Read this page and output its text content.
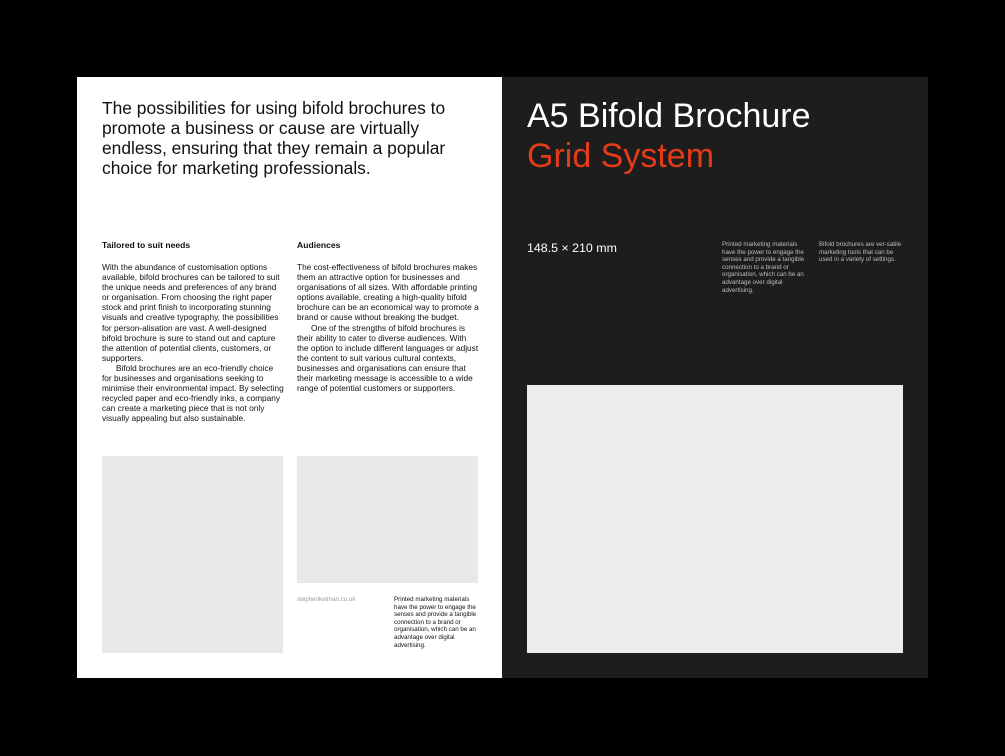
The possibilities for using bifold brochures to promote a business or cause are virtually endless, ensuring that they remain a popular choice for marketing professionals.
Tailored to suit needs

With the abundance of customisation options available, bifold brochures can be tailored to suit the unique needs and preferences of any brand or organisation. From choosing the right paper stock and print finish to incorporating stunning visuals and creative typography, the possibilities for person-alisation are vast. A well-designed bifold brochure is sure to stand out and capture the attention of potential clients, customers, or supporters.

Bifold brochures are an eco-friendly choice for businesses and organisations seeking to minimise their environmental impact. By selecting recycled paper and eco-friendly inks, a company can create a marketing piece that is not only visually appealing but also sustainable.

Audiences

The cost-effectiveness of bifold brochures makes them an attractive option for businesses and organisations of all sizes. With affordable printing options available, creating a high-quality bifold brochure can be an economical way to promote a brand or cause without breaking the budget.

One of the strengths of bifold brochures is their ability to cater to diverse audiences. With the option to include different languages or adjust the content to suit various cultural contexts, businesses and organisations can ensure that their marketing message is accessible to a wide range of potential customers or supporters.

stephenkelman.co.uk	Printed marketing materials have the power to engage the senses and provide a tangible connection to a brand or organisation, which can be an advantage over digital advertising.
A5 Bifold Brochure
Grid System
148.5 × 210 mm	Printed marketing materials have the power to engage the senses and provide a tangible connection to a brand or organisation, which can be an advantage over digital advertising.
Bifold brochures are ver-satile marketing tools that can be used in a variety of settings.
